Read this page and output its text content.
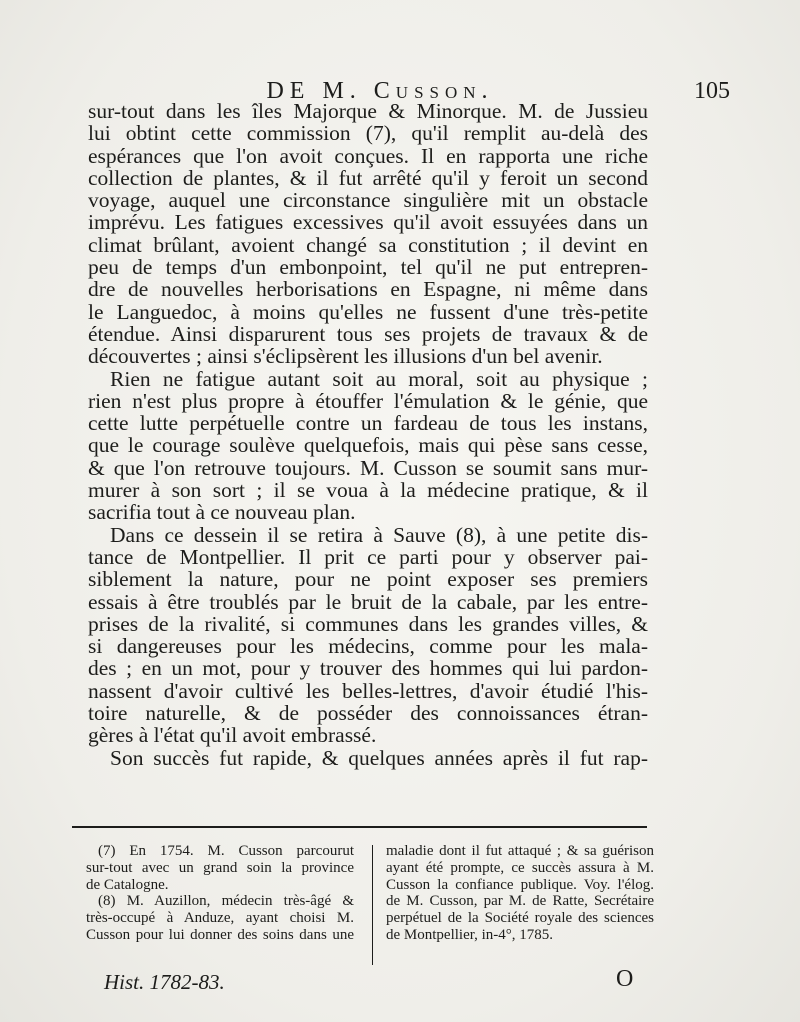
DE M. Cusson.	105
sur-tout dans les îles Majorque & Minorque. M. de Jussieu
lui obtint cette commission (7), qu'il remplit au-delà des
espérances que l'on avoit conçues. Il en rapporta une riche
collection de plantes, & il fut arrêté qu'il y feroit un second
voyage, auquel une circonstance singulière mit un obstacle
imprévu. Les fatigues excessives qu'il avoit essuyées dans un
climat brûlant, avoient changé sa constitution ; il devint en
peu de temps d'un embonpoint, tel qu'il ne put entrepren-
dre de nouvelles herborisations en Espagne, ni même dans
le Languedoc, à moins qu'elles ne fussent d'une très-petite
étendue. Ainsi disparurent tous ses projets de travaux & de
découvertes ; ainsi s'éclipsèrent les illusions d'un bel avenir.
Rien ne fatigue autant soit au moral, soit au physique ;
rien n'est plus propre à étouffer l'émulation & le génie, que
cette lutte perpétuelle contre un fardeau de tous les instans,
que le courage soulève quelquefois, mais qui pèse sans cesse,
& que l'on retrouve toujours. M. Cusson se soumit sans mur-
murer à son sort ; il se voua à la médecine pratique, & il
sacrifia tout à ce nouveau plan.
Dans ce dessein il se retira à Sauve (8), à une petite dis-
tance de Montpellier. Il prit ce parti pour y observer pai-
siblement la nature, pour ne point exposer ses premiers
essais à être troublés par le bruit de la cabale, par les entre-
prises de la rivalité, si communes dans les grandes villes, &
si dangereuses pour les médecins, comme pour les mala-
des ; en un mot, pour y trouver des hommes qui lui pardon-
nassent d'avoir cultivé les belles-lettres, d'avoir étudié l'his-
toire naturelle, & de posséder des connoissances étran-
gères à l'état qu'il avoit embrassé.
Son succès fut rapide, & quelques années après il fut rap-
(7) En 1754. M. Cusson parcourut
sur-tout avec un grand soin la province
de Catalogne.
(8) M. Auzillon, médecin très-âgé &
très-occupé à Anduze, ayant choisi M.
Cusson pour lui donner des soins dans une
maladie dont il fut attaqué ; & sa guérison
ayant été prompte, ce succès assura à M.
Cusson la confiance publique. Voy. l'élog.
de M. Cusson, par M. de Ratte, Secrétaire
perpétuel de la Société royale des sciences
de Montpellier, in-4°, 1785.
Hist. 1782-83.	O
